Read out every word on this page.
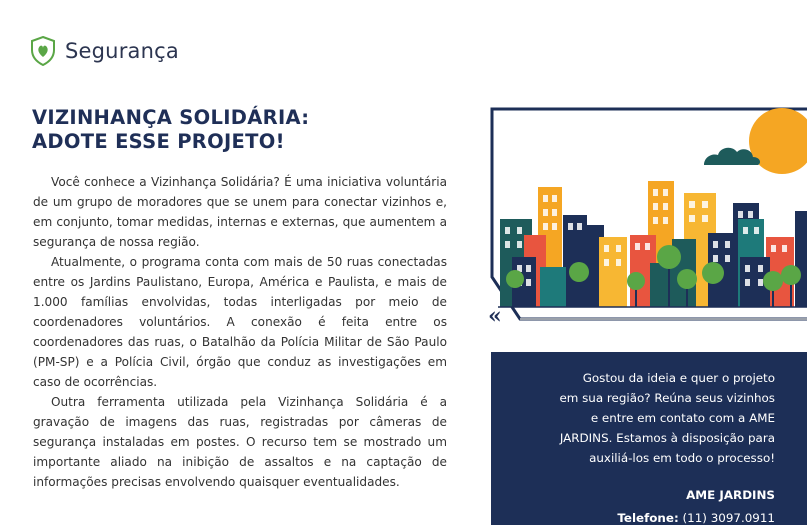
Segurança
VIZINHANÇA SOLIDÁRIA:
ADOTE ESSE PROJETO!

Você conhece a Vizinhança Solidária? É uma iniciativa voluntária de um grupo de moradores que se unem para conectar vizinhos e, em conjunto, tomar medidas, internas e externas, que aumentem a segurança de nossa região.

Atualmente, o programa conta com mais de 50 ruas conectadas entre os Jardins Paulistano, Europa, América e Paulista, e mais de 1.000 famílias envolvidas, todas interligadas por meio de coordenadores voluntários. A conexão é feita entre os coordenadores das ruas, o Batalhão da Polícia Militar de São Paulo (PM-SP) e a Polícia Civil, órgão que conduz as investigações em caso de ocorrências.

Outra ferramenta utilizada pela Vizinhança Solidária é a gravação de imagens das ruas, registradas por câmeras de segurança instaladas em postes. O recurso tem se mostrado um importante aliado na inibição de assaltos e na captação de informações precisas envolvendo quaisquer eventualidades.

«
Gostou da ideia e quer o projeto
em sua região? Reúna seus vizinhos
e entre em contato com a AME
JARDINS. Estamos à disposição para
auxiliá-los em todo o processo!
AME JARDINS
Telefone: (11) 3097.0911
